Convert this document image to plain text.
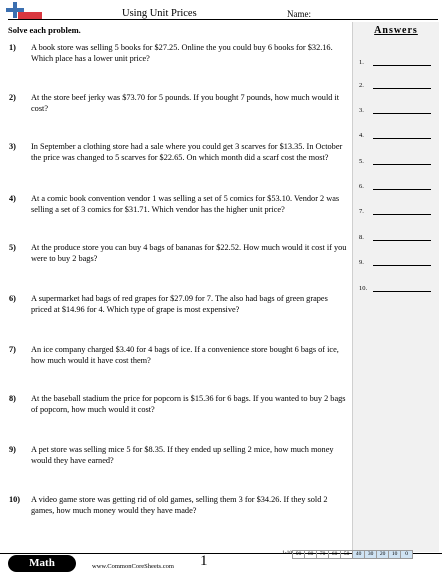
Using Unit Prices	Name:
Answers
1.
2.
3.
4.
5.
6.
7.
8.
9.
10.
Solve each problem.
1) A book store was selling 5 books for $27.25. Online the you could buy 6 books for $32.16. Which place has a lower unit price?
2) At the store beef jerky was $73.70 for 5 pounds. If you bought 7 pounds, how much would it cost?
3) In September a clothing store had a sale where you could get 3 scarves for $13.35. In October the price was changed to 5 scarves for $22.65. On which month did a scarf cost the most?
4) At a comic book convention vendor 1 was selling a set of 5 comics for $53.10. Vendor 2 was selling a set of 3 comics for $31.71. Which vendor has the higher unit price?
5) At the produce store you can buy 4 bags of bananas for $22.52. How much would it cost if you were to buy 2 bags?
6) A supermarket had bags of red grapes for $27.09 for 7. The also had bags of green grapes priced at $14.96 for 4. Which type of grape is most expensive?
7) An ice company charged $3.40 for 4 bags of ice. If a convenience store bought 6 bags of ice, how much would it have cost them?
8) At the baseball stadium the price for popcorn is $15.36 for 6 bags. If you wanted to buy 2 bags of popcorn, how much would it cost?
9) A pet store was selling mice 5 for $8.35. If they ended up selling 2 mice, how much money would they have earned?
10) A video game store was getting rid of old games, selling them 3 for $34.26. If they sold 2 games, how much money would they have made?
Math	www.CommonCoreSheets.com 1	1-10 90	80	70	60	50	40	30	20	10	0
